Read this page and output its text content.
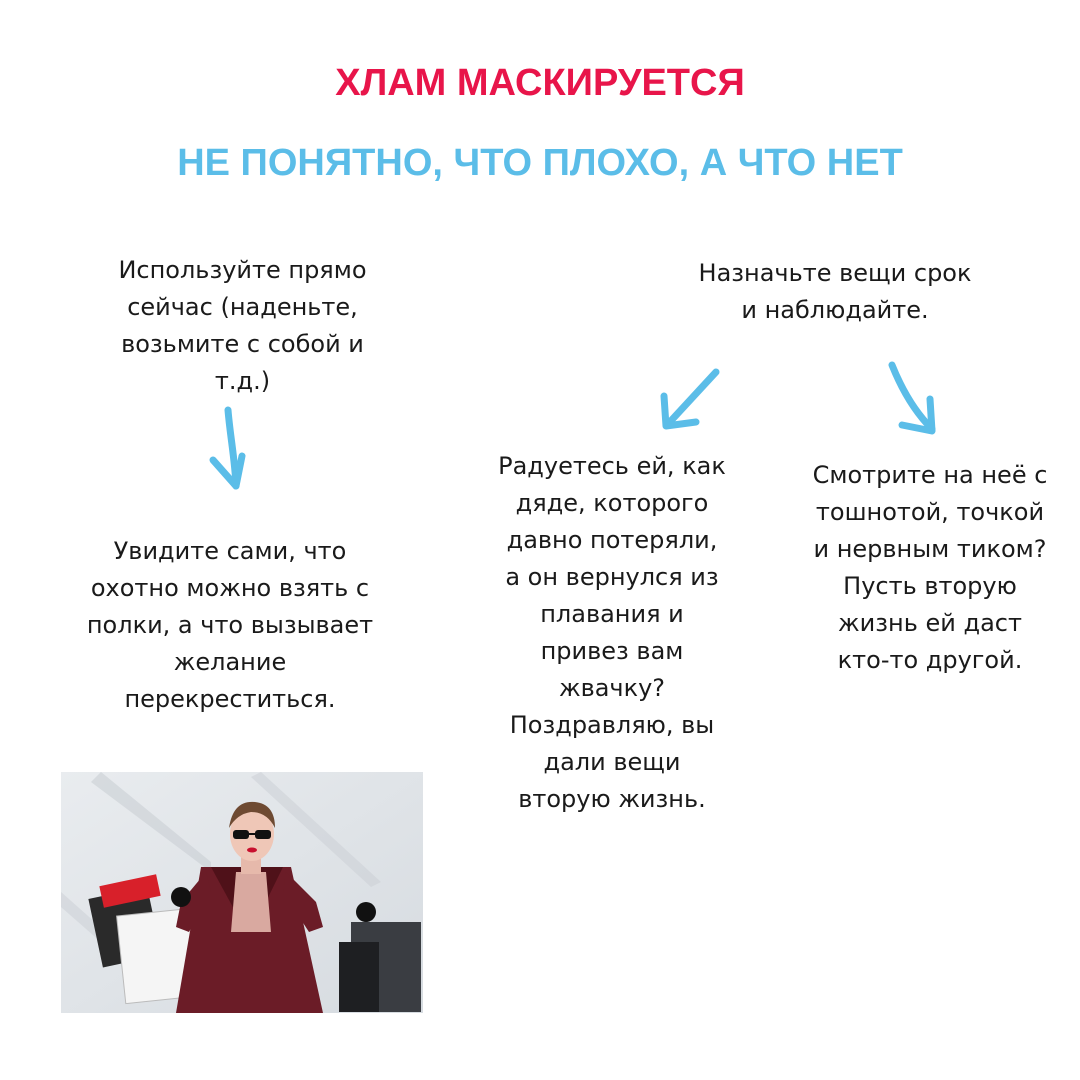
ХЛАМ МАСКИРУЕТСЯ
НЕ ПОНЯТНО, ЧТО ПЛОХО, А ЧТО НЕТ

Используйте прямо сейчас (наденьте, возьмите с собой и т.д.)

Назначьте вещи срок и наблюдайте.

Увидите сами, что охотно можно взять с полки, а что вызывает желание перекреститься.

Радуетесь ей, как дяде, которого давно потеряли, а он вернулся из плавания и привез вам жвачку? Поздравляю, вы дали вещи вторую жизнь.

Смотрите на неё с тошнотой, точкой и нервным тиком? Пусть вторую жизнь ей даст кто-то другой.
